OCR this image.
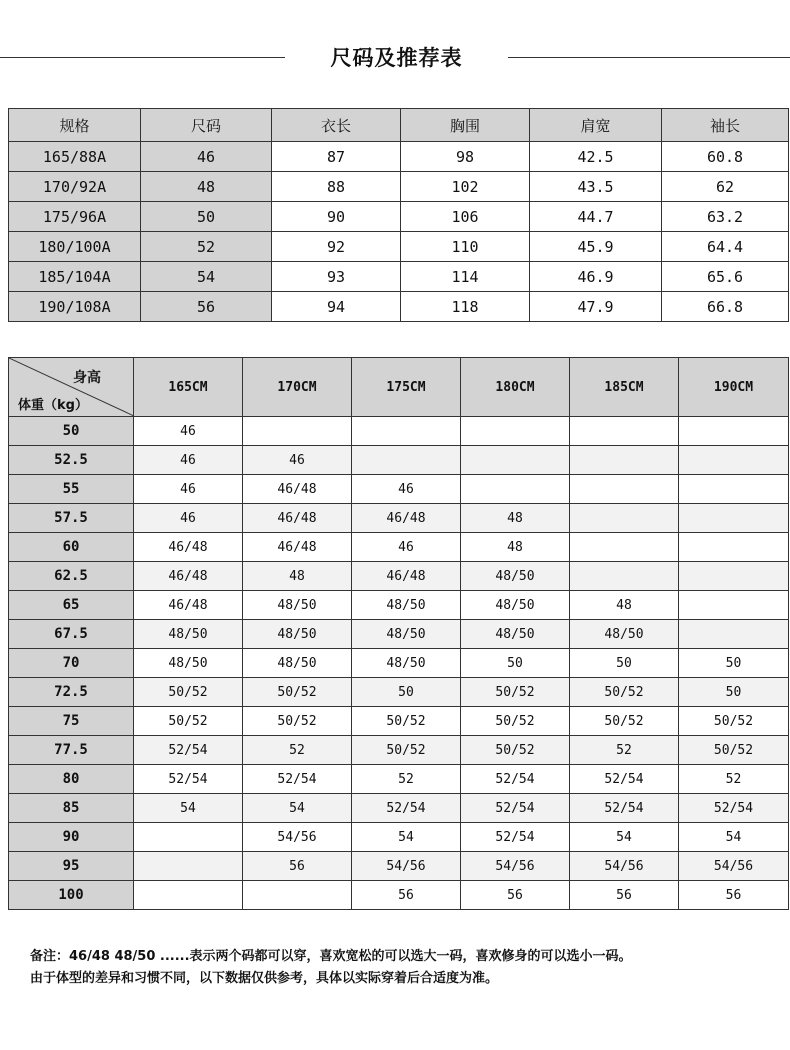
尺码及推荐表
规格	尺码	衣长	胸围	肩宽	袖长
165/88A	46	87	98	42.5	60.8
170/92A	48	88	102	43.5	62
175/96A	50	90	106	44.7	63.2
180/100A	52	92	110	45.9	64.4
185/104A	54	93	114	46.9	65.6
190/108A	56	94	118	47.9	66.8
身高
体重（kg）	165CM	170CM	175CM	180CM	185CM	190CM
50	46					
52.5	46	46				
55	46	46/48	46			
57.5	46	46/48	46/48	48		
60	46/48	46/48	46	48		
62.5	46/48	48	46/48	48/50		
65	46/48	48/50	48/50	48/50	48	
67.5	48/50	48/50	48/50	48/50	48/50	
70	48/50	48/50	48/50	50	50	50
72.5	50/52	50/52	50	50/52	50/52	50
75	50/52	50/52	50/52	50/52	50/52	50/52
77.5	52/54	52	50/52	50/52	52	50/52
80	52/54	52/54	52	52/54	52/54	52
85	54	54	52/54	52/54	52/54	52/54
90		54/56	54	52/54	54	54
95		56	54/56	54/56	54/56	54/56
100			56	56	56	56
备注：46/48 48/50 ......表示两个码都可以穿，喜欢宽松的可以选大一码，喜欢修身的可以选小一码。
由于体型的差异和习惯不同，以下数据仅供参考，具体以实际穿着后合适度为准。
